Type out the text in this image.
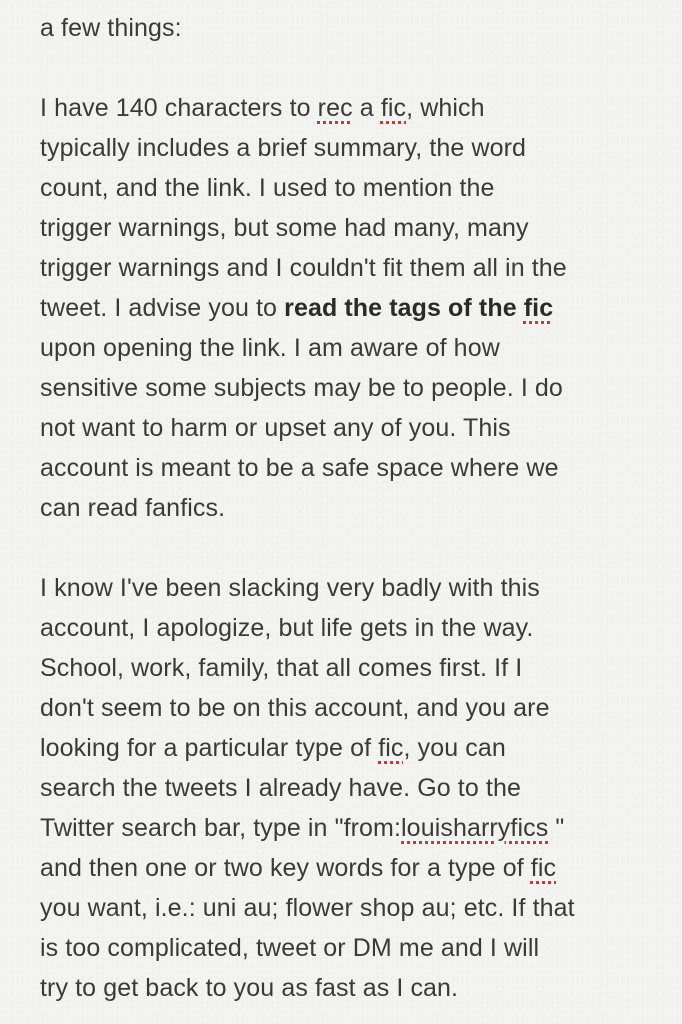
a few things:
I have 140 characters to rec a fic, which
typically includes a brief summary, the word
count, and the link. I used to mention the
trigger warnings, but some had many, many
trigger warnings and I couldn't fit them all in the
tweet. I advise you to read the tags of the fic
upon opening the link. I am aware of how
sensitive some subjects may be to people. I do
not want to harm or upset any of you. This
account is meant to be a safe space where we
can read fanfics.
I know I've been slacking very badly with this
account, I apologize, but life gets in the way.
School, work, family, that all comes first. If I
don't seem to be on this account, and you are
looking for a particular type of fic, you can
search the tweets I already have. Go to the
Twitter search bar, type in "from:louisharryfics "
and then one or two key words for a type of fic
you want, i.e.: uni au; flower shop au; etc. If that
is too complicated, tweet or DM me and I will
try to get back to you as fast as I can.
